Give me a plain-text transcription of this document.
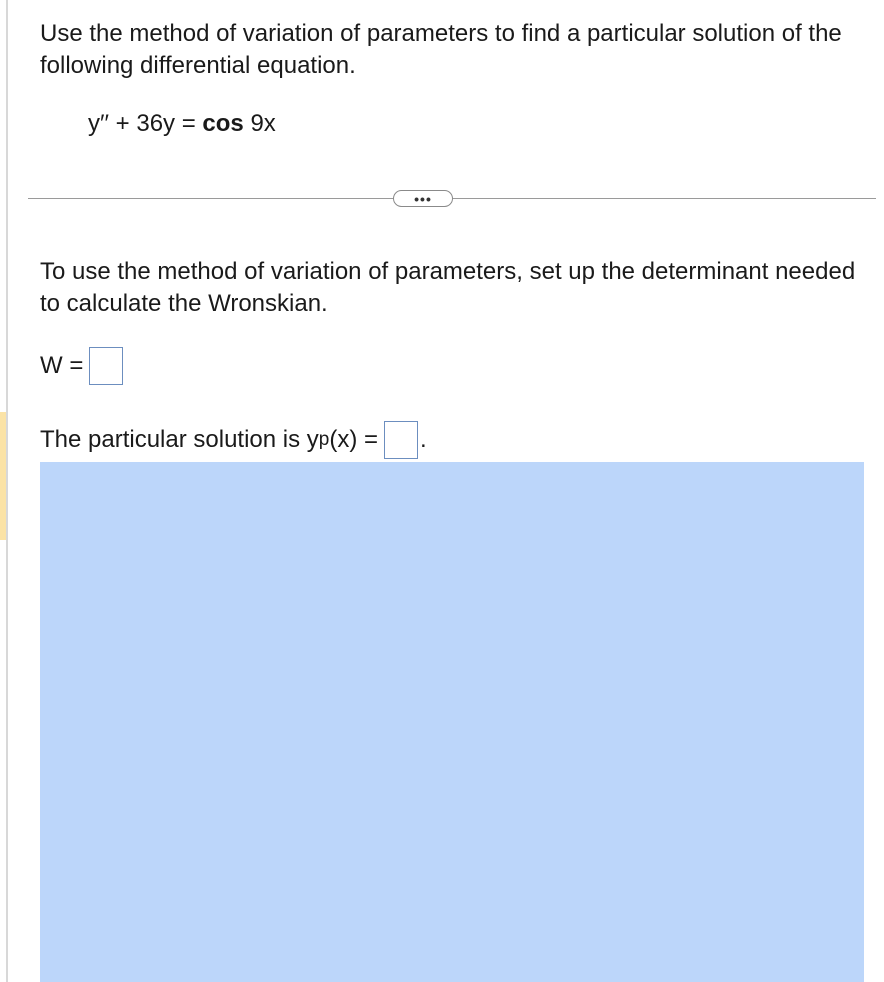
Use the method of variation of parameters to find a particular solution of the following differential equation.

y′′ + 36y = cos 9x
•••

To use the method of variation of parameters, set up the determinant needed to calculate the Wronskian.

W =
The particular solution is y p (x) = .
